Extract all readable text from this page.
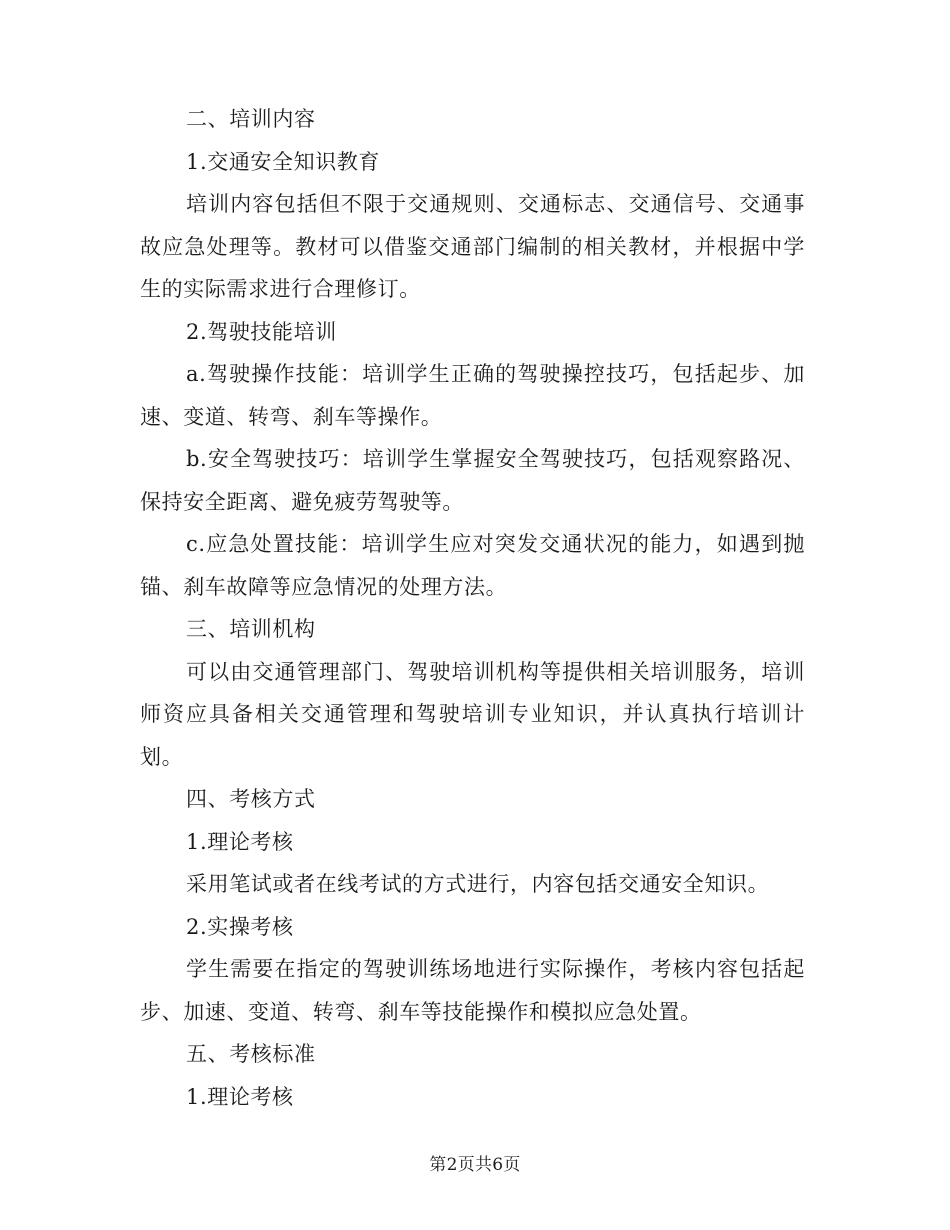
二、培训内容

1.交通安全知识教育

培训内容包括但不限于交通规则、交通标志、交通信号、交通事故应急处理等。教材可以借鉴交通部门编制的相关教材，并根据中学生的实际需求进行合理修订。

2.驾驶技能培训

a.驾驶操作技能：培训学生正确的驾驶操控技巧，包括起步、加速、变道、转弯、刹车等操作。

b.安全驾驶技巧：培训学生掌握安全驾驶技巧，包括观察路况、保持安全距离、避免疲劳驾驶等。

c.应急处置技能：培训学生应对突发交通状况的能力，如遇到抛锚、刹车故障等应急情况的处理方法。

三、培训机构

可以由交通管理部门、驾驶培训机构等提供相关培训服务，培训师资应具备相关交通管理和驾驶培训专业知识，并认真执行培训计划。

四、考核方式

1.理论考核

采用笔试或者在线考试的方式进行，内容包括交通安全知识。

2.实操考核

学生需要在指定的驾驶训练场地进行实际操作，考核内容包括起步、加速、变道、转弯、刹车等技能操作和模拟应急处置。

五、考核标准

1.理论考核

第2页共6页
